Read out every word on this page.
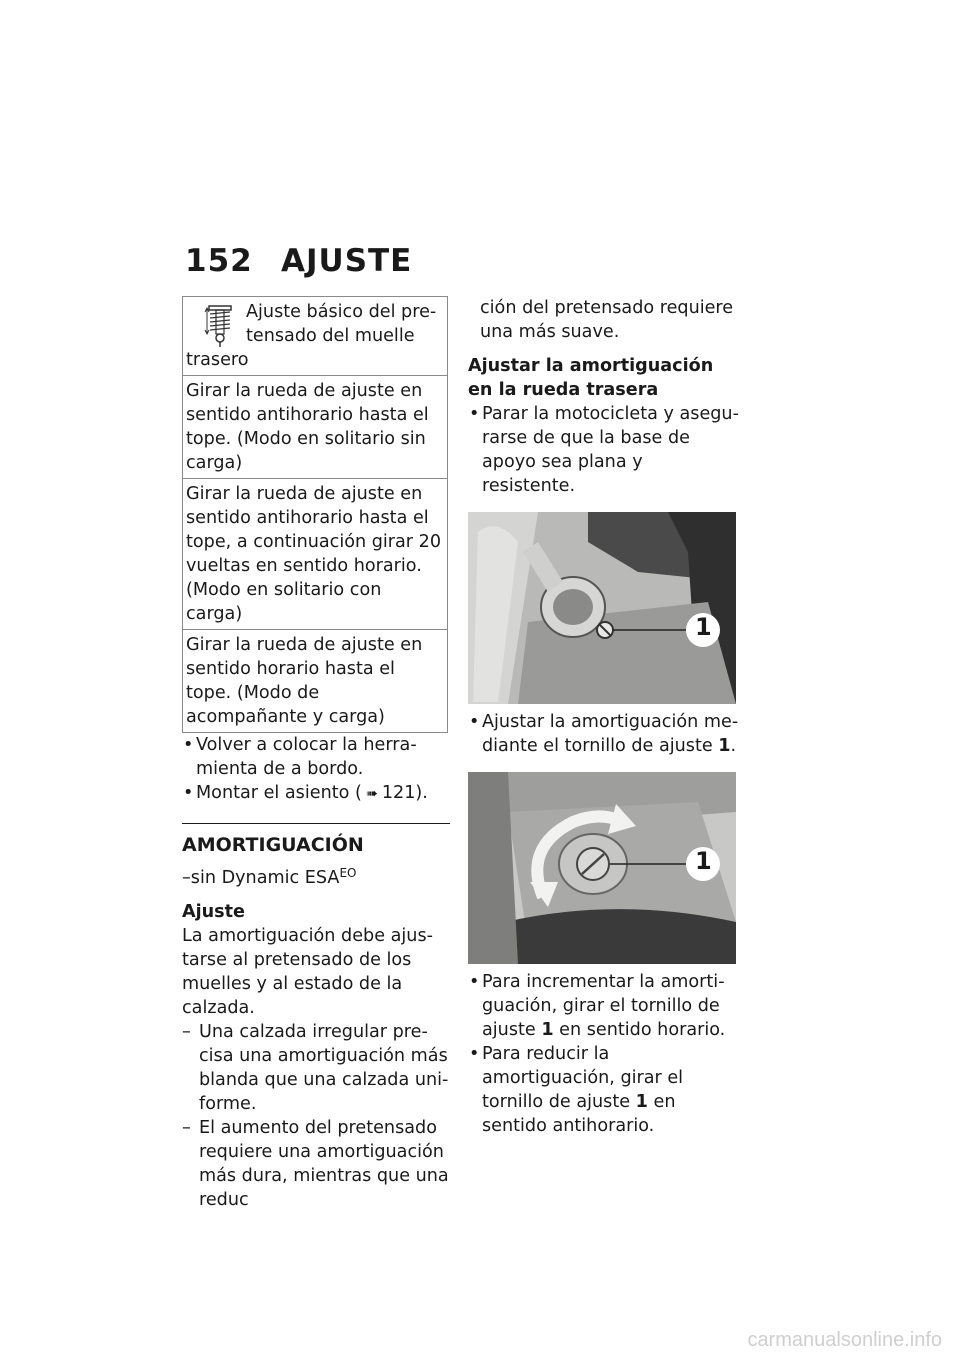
152 AJUSTE
Ajuste básico del pretensado del muelle trasero
Girar la rueda de ajuste en sentido antihorario hasta el tope. (Modo en solitario sin carga)
Girar la rueda de ajuste en sentido antihorario hasta el tope, a continuación girar 20 vueltas en sentido horario. (Modo en solitario con carga)
Girar la rueda de ajuste en sentido horario hasta el tope. (Modo de acompañante y carga)
• Volver a colocar la herramienta de a bordo.
• Montar el asiento ( ➠ 121).
AMORTIGUACIÓN
–sin Dynamic $ESA^{EO}$
Ajuste
La amortiguación debe ajustarse al pretensado de los muelles y al estado de la calzada.
– Una calzada irregular precisa una amortiguación más blanda que una calzada uniforme.
– El aumento del pretensado requiere una amortiguación más dura, mientras que una reduc
ción del pretensado requiere una más suave.
Ajustar la amortiguación en la rueda trasera
• Parar la motocicleta y asegurarse de que la base de apoyo sea plana y resistente.
1
• Ajustar la amortiguación mediante el tornillo de ajuste 1.
1
• Para incrementar la amortiguación, girar el tornillo de ajuste 1 en sentido horario.
• Para reducir la amortiguación, girar el tornillo de ajuste 1 en sentido antihorario.
carmanualsonline.info
